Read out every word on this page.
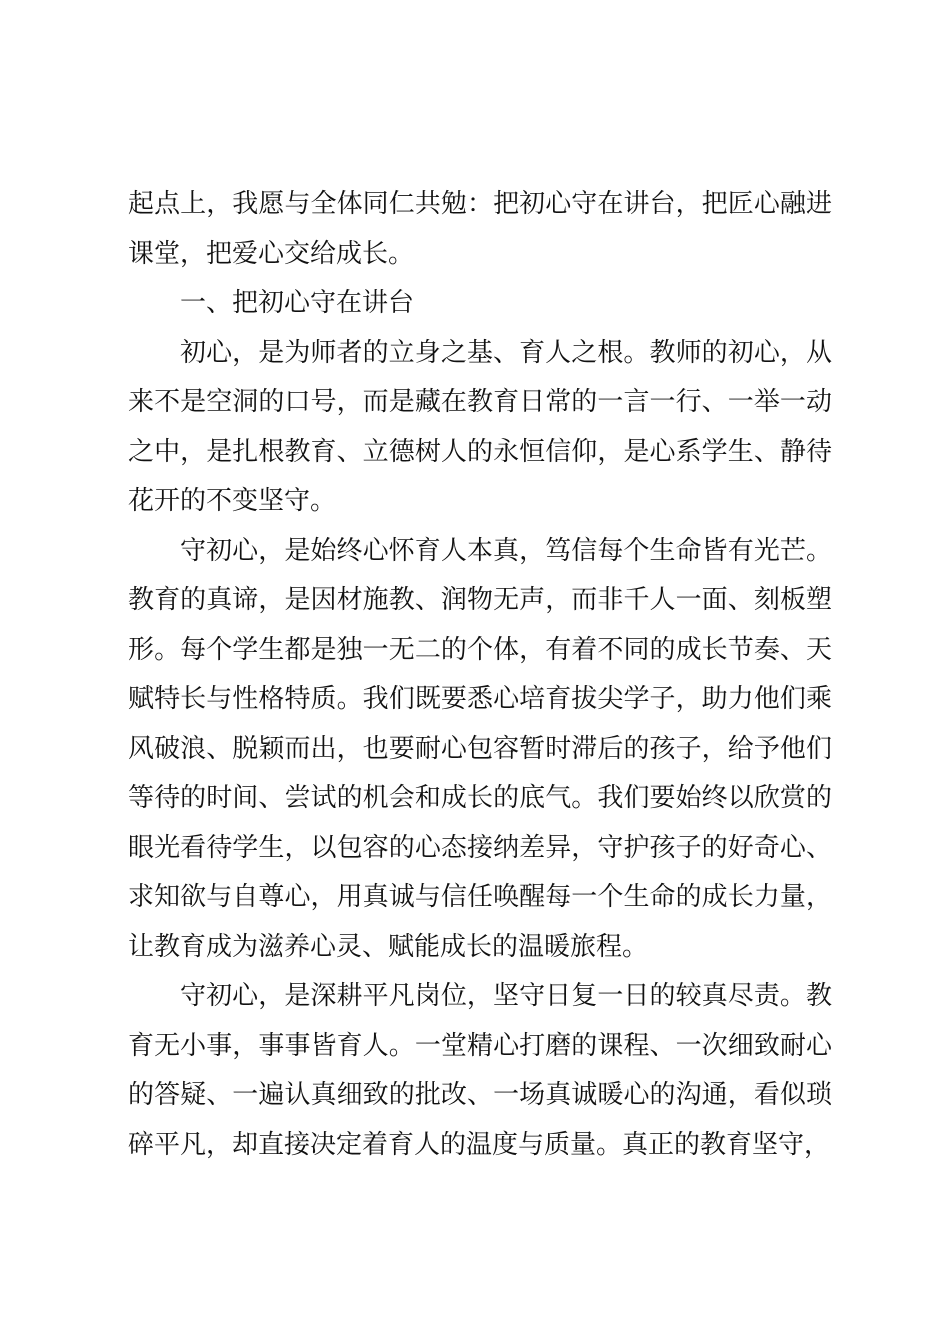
起点上，我愿与全体同仁共勉：把初心守在讲台，把匠心融进课堂，把爱心交给成长。

一、把初心守在讲台

初心，是为师者的立身之基、育人之根。教师的初心，从来不是空洞的口号，而是藏在教育日常的一言一行、一举一动之中，是扎根教育、立德树人的永恒信仰，是心系学生、静待花开的不变坚守。

守初心，是始终心怀育人本真，笃信每个生命皆有光芒。教育的真谛，是因材施教、润物无声，而非千人一面、刻板塑形。每个学生都是独一无二的个体，有着不同的成长节奏、天赋特长与性格特质。我们既要悉心培育拔尖学子，助力他们乘风破浪、脱颖而出，也要耐心包容暂时滞后的孩子，给予他们等待的时间、尝试的机会和成长的底气。我们要始终以欣赏的眼光看待学生，以包容的心态接纳差异，守护孩子的好奇心、求知欲与自尊心，用真诚与信任唤醒每一个生命的成长力量，让教育成为滋养心灵、赋能成长的温暖旅程。

守初心，是深耕平凡岗位，坚守日复一日的较真尽责。教育无小事，事事皆育人。一堂精心打磨的课程、一次细致耐心的答疑、一遍认真细致的批改、一场真诚暖心的沟通，看似琐碎平凡，却直接决定着育人的温度与质量。真正的教育坚守，
